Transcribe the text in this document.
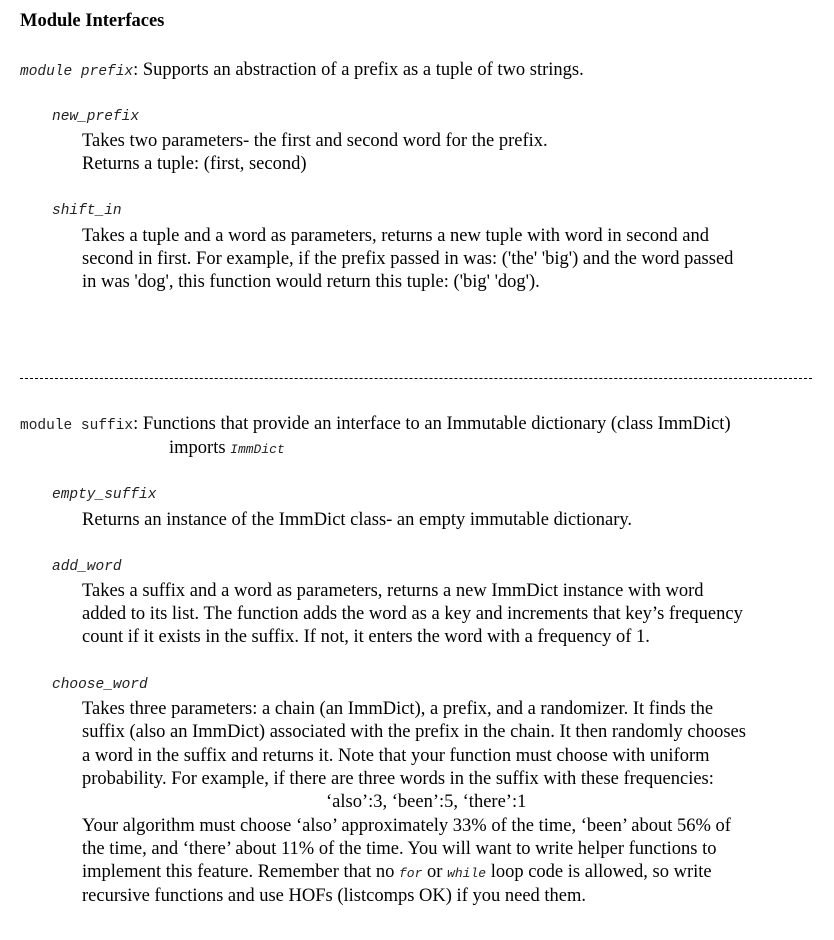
Module Interfaces
module prefix: Supports an abstraction of a prefix as a tuple of two strings.
new_prefix
Takes two parameters- the first and second word for the prefix.
Returns a tuple: (first, second)
shift_in
Takes a tuple and a word as parameters, returns a new tuple with word in second and
second in first. For example, if the prefix passed in was: ('the' 'big') and the word passed
in was 'dog', this function would return this tuple: ('big' 'dog').
module suffix: Functions that provide an interface to an Immutable dictionary (class ImmDict)
imports ImmDict
empty_suffix
Returns an instance of the ImmDict class- an empty immutable dictionary.
add_word
Takes a suffix and a word as parameters, returns a new ImmDict instance with word
added to its list. The function adds the word as a key and increments that key’s frequency
count if it exists in the suffix. If not, it enters the word with a frequency of 1.
choose_word
Takes three parameters: a chain (an ImmDict), a prefix, and a randomizer. It finds the
suffix (also an ImmDict) associated with the prefix in the chain. It then randomly chooses
a word in the suffix and returns it. Note that your function must choose with uniform
probability. For example, if there are three words in the suffix with these frequencies:
‘also’:3, ‘been’:5, ‘there’:1
Your algorithm must choose ‘also’ approximately 33% of the time, ‘been’ about 56% of
the time, and ‘there’ about 11% of the time. You will want to write helper functions to
implement this feature. Remember that no for or while loop code is allowed, so write
recursive functions and use HOFs (listcomps OK) if you need them.
